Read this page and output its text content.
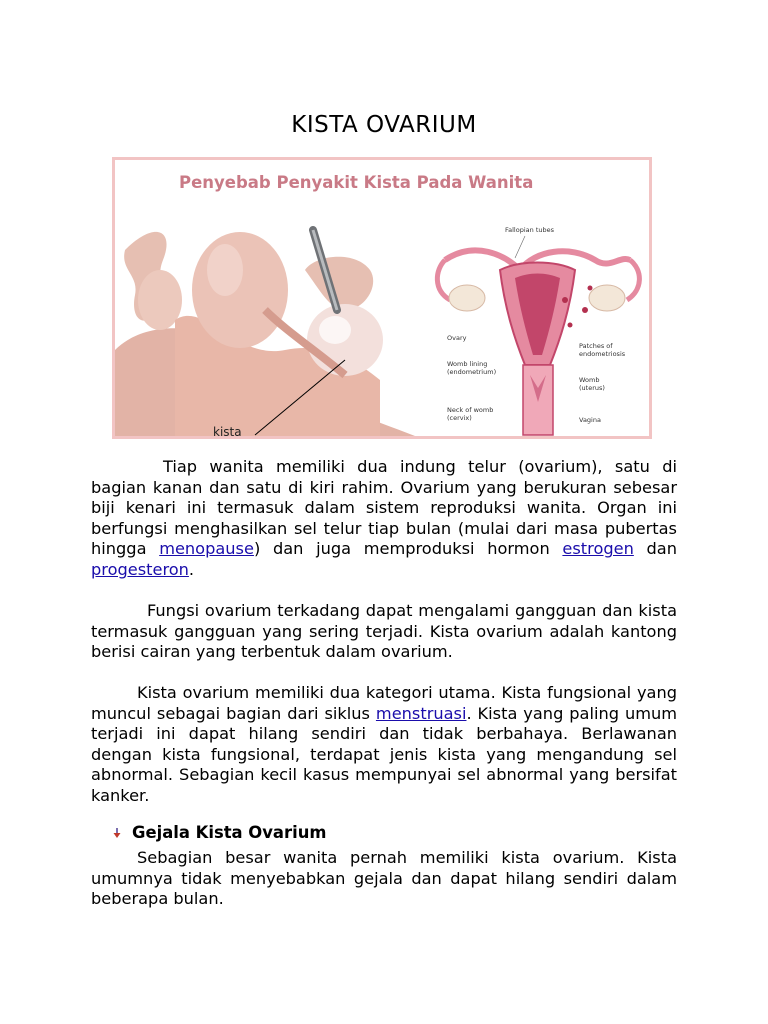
KISTA OVARIUM
Penyebab Penyakit Kista Pada Wanita
kista
Fallopian tubes
Ovary
Womb lining (endometrium)
Neck of womb (cervix)
Patches of endometriosis
Womb (uterus)
Vagina
Tiap wanita memiliki dua indung telur (ovarium), satu di bagian kanan dan satu di kiri rahim. Ovarium yang berukuran sebesar biji kenari ini termasuk dalam sistem reproduksi wanita. Organ ini berfungsi menghasilkan sel telur tiap bulan (mulai dari masa pubertas hingga menopause) dan juga memproduksi hormon estrogen dan progesteron.
Fungsi ovarium terkadang dapat mengalami gangguan dan kista termasuk gangguan yang sering terjadi. Kista ovarium adalah kantong berisi cairan yang terbentuk dalam ovarium.
Kista ovarium memiliki dua kategori utama. Kista fungsional yang muncul sebagai bagian dari siklus menstruasi. Kista yang paling umum terjadi ini dapat hilang sendiri dan tidak berbahaya. Berlawanan dengan kista fungsional, terdapat jenis kista yang mengandung sel abnormal. Sebagian kecil kasus mempunyai sel abnormal yang bersifat kanker.
Gejala Kista Ovarium
Sebagian besar wanita pernah memiliki kista ovarium. Kista umumnya tidak menyebabkan gejala dan dapat hilang sendiri dalam beberapa bulan.
